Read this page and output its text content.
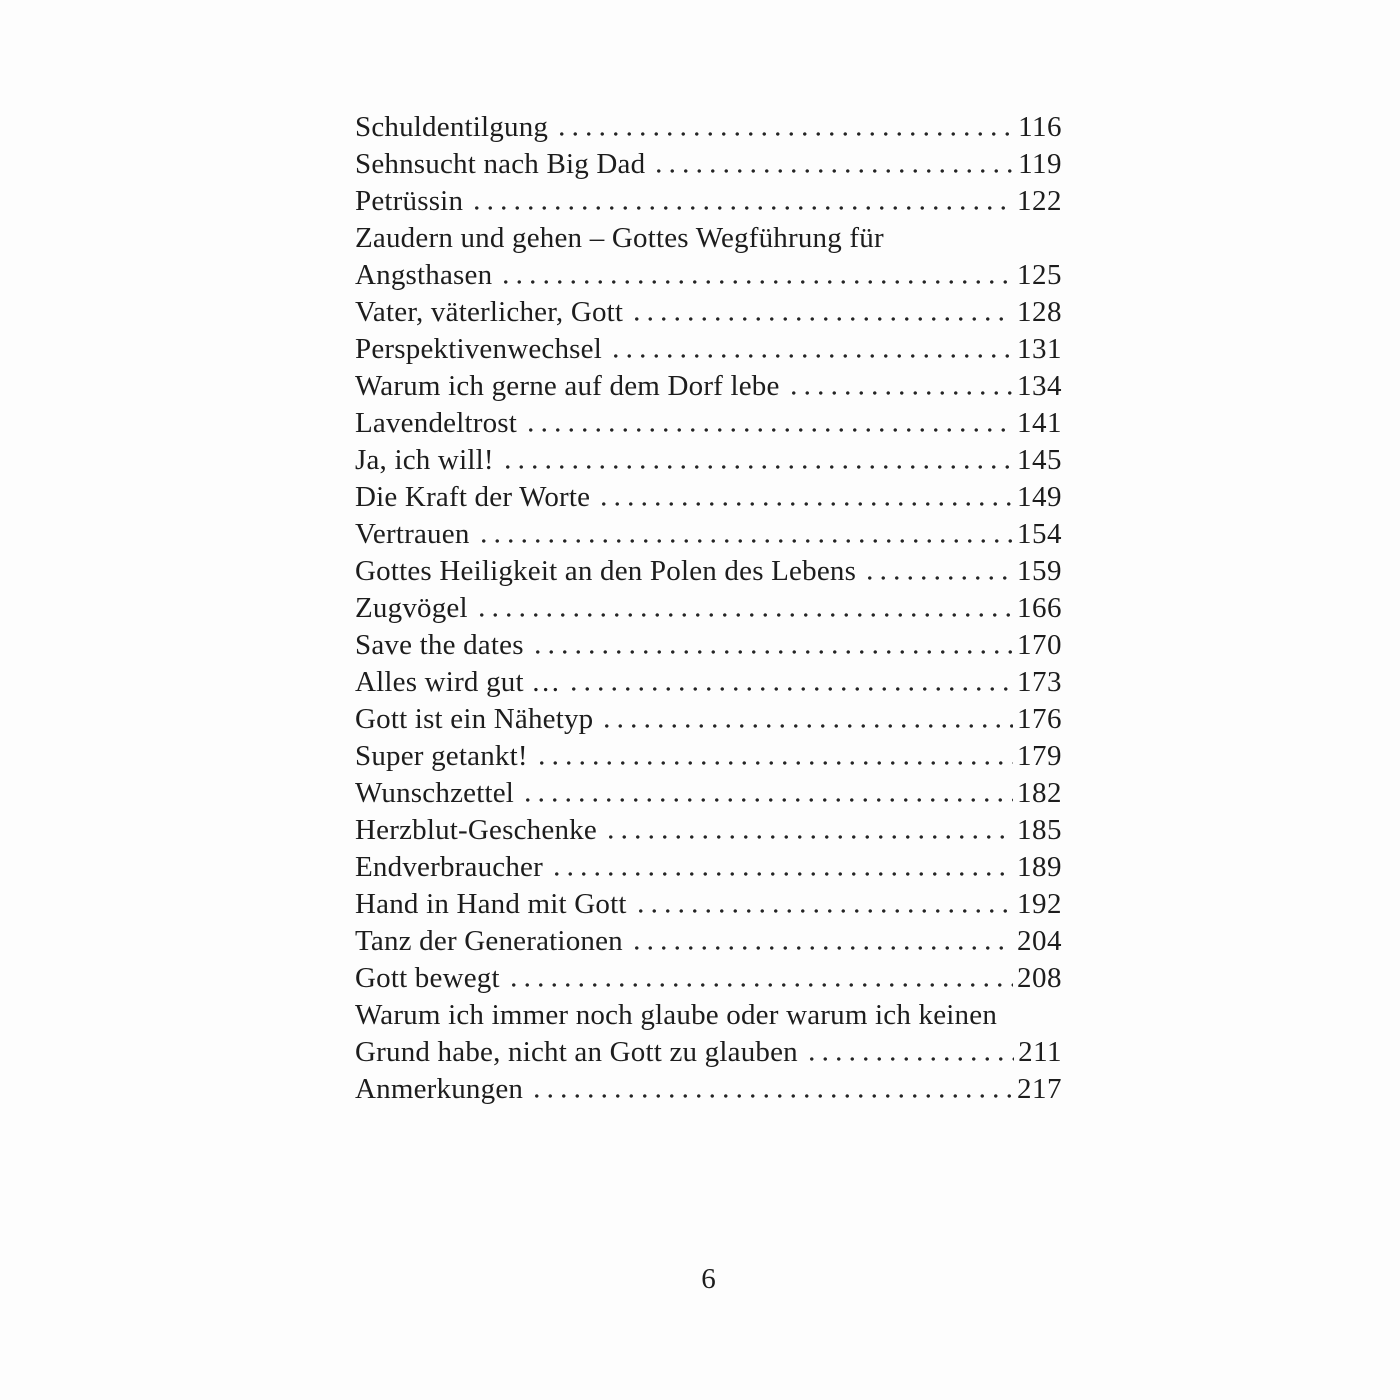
Schuldentilgung	116
Sehnsucht nach Big Dad	119
Petrüssin	122
Zaudern und gehen – Gottes Wegführung für
Angsthasen	125
Vater, väterlicher, Gott	128
Perspektivenwechsel	131
Warum ich gerne auf dem Dorf lebe	134
Lavendeltrost	141
Ja, ich will!	145
Die Kraft der Worte	149
Vertrauen	154
Gottes Heiligkeit an den Polen des Lebens	159
Zugvögel	166
Save the dates	170
Alles wird gut …	173
Gott ist ein Nähetyp	176
Super getankt!	179
Wunschzettel	182
Herzblut-Geschenke	185
Endverbraucher	189
Hand in Hand mit Gott	192
Tanz der Generationen	204
Gott bewegt	208
Warum ich immer noch glaube oder warum ich keinen
Grund habe, nicht an Gott zu glauben	211
Anmerkungen	217
6
